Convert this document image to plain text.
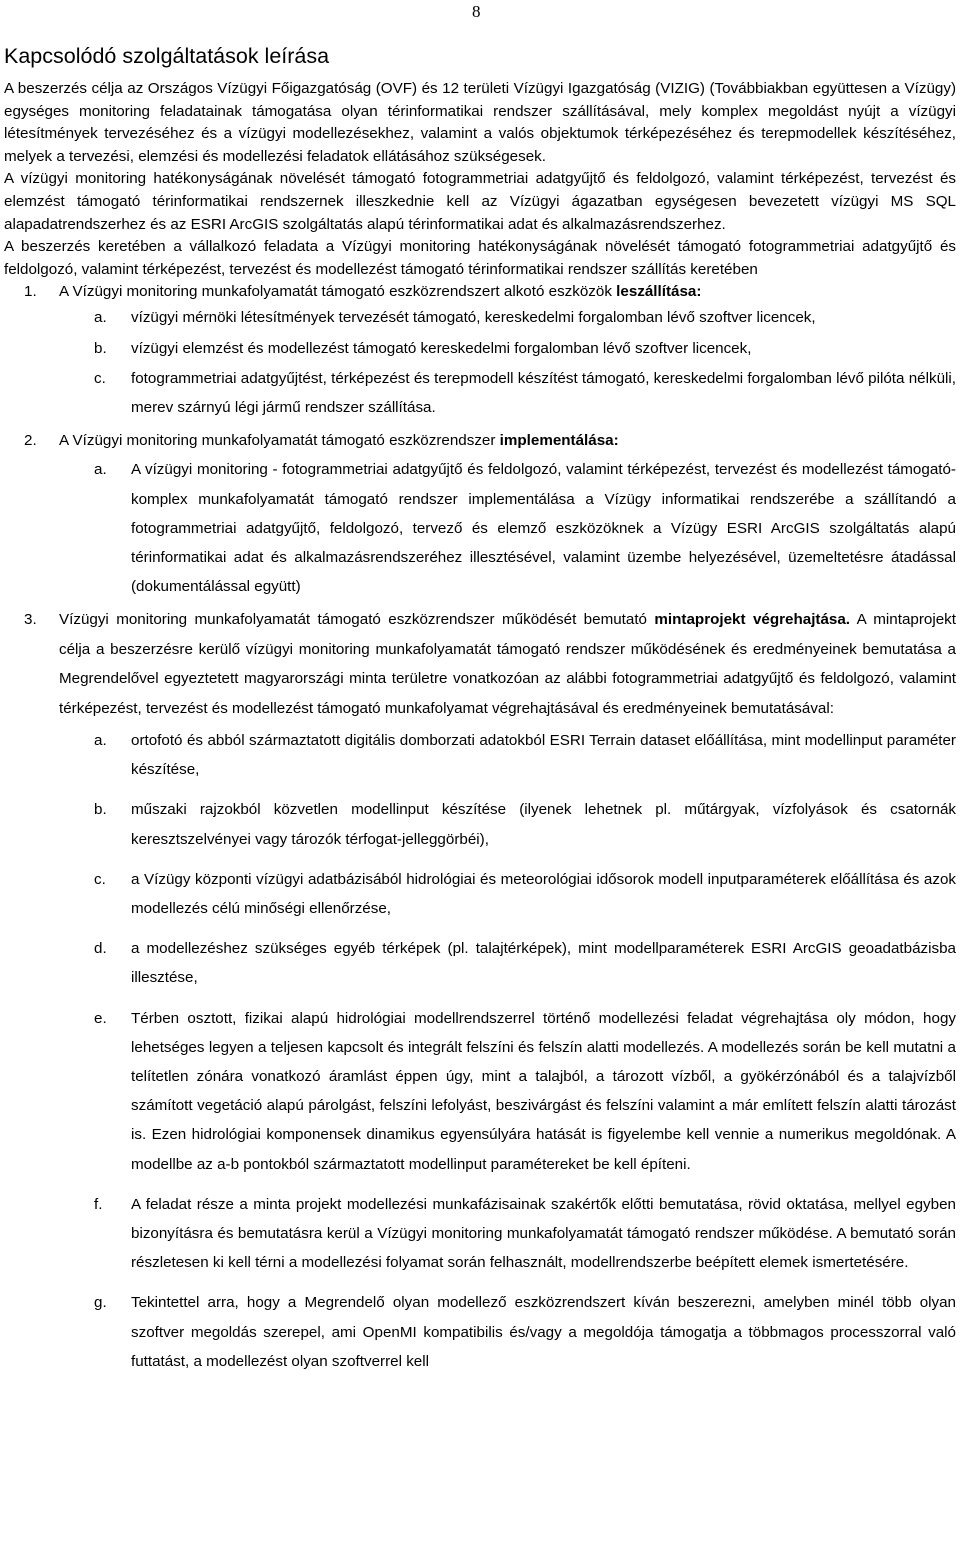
8
Kapcsolódó szolgáltatások leírása

A beszerzés célja az Országos Vízügyi Főigazgatóság (OVF) és 12 területi Vízügyi Igazgatóság (VIZIG) (Továbbiakban együttesen a Vízügy) egységes monitoring feladatainak támogatása olyan térinformatikai rendszer szállításával, mely komplex megoldást nyújt a vízügyi létesítmények tervezéséhez és a vízügyi modellezésekhez, valamint a valós objektumok térképezéséhez és terepmodellek készítéséhez, melyek a tervezési, elemzési és modellezési feladatok ellátásához szükségesek.

A vízügyi monitoring hatékonyságának növelését támogató fotogrammetriai adatgyűjtő és feldolgozó, valamint térképezést, tervezést és elemzést támogató térinformatikai rendszernek illeszkednie kell az Vízügyi ágazatban egységesen bevezetett vízügyi MS SQL alapadatrendszerhez és az ESRI ArcGIS szolgáltatás alapú térinformatikai adat és alkalmazásrendszerhez.

A beszerzés keretében a vállalkozó feladata a Vízügyi monitoring hatékonyságának növelését támogató fotogrammetriai adatgyűjtő és feldolgozó, valamint térképezést, tervezést és modellezést támogató térinformatikai rendszer szállítás keretében

1. A Vízügyi monitoring munkafolyamatát támogató eszközrendszert alkotó eszközök leszállítása:
a. vízügyi mérnöki létesítmények tervezését támogató, kereskedelmi forgalomban lévő szoftver licencek,
b. vízügyi elemzést és modellezést támogató kereskedelmi forgalomban lévő szoftver licencek,
c. fotogrammetriai adatgyűjtést, térképezést és terepmodell készítést támogató, kereskedelmi forgalomban lévő pilóta nélküli, merev szárnyú légi jármű rendszer szállítása.
2. A Vízügyi monitoring munkafolyamatát támogató eszközrendszer implementálása:
a. A vízügyi monitoring - fotogrammetriai adatgyűjtő és feldolgozó, valamint térképezést, tervezést és modellezést támogató- komplex munkafolyamatát támogató rendszer implementálása a Vízügy informatikai rendszerébe a szállítandó a fotogrammetriai adatgyűjtő, feldolgozó, tervező és elemző eszközöknek a Vízügy ESRI ArcGIS szolgáltatás alapú térinformatikai adat és alkalmazásrendszeréhez illesztésével, valamint üzembe helyezésével, üzemeltetésre átadással (dokumentálással együtt)
3. Vízügyi monitoring munkafolyamatát támogató eszközrendszer működését bemutató mintaprojekt végrehajtása. A mintaprojekt célja a beszerzésre kerülő vízügyi monitoring munkafolyamatát támogató rendszer működésének és eredményeinek bemutatása a Megrendelővel egyeztetett magyarországi minta területre vonatkozóan az alábbi fotogrammetriai adatgyűjtő és feldolgozó, valamint térképezést, tervezést és modellezést támogató munkafolyamat végrehajtásával és eredményeinek bemutatásával:
a. ortofotó és abból származtatott digitális domborzati adatokból ESRI Terrain dataset előállítása, mint modellinput paraméter készítése,
b. műszaki rajzokból közvetlen modellinput készítése (ilyenek lehetnek pl. műtárgyak, vízfolyások és csatornák keresztszelvényei vagy tározók térfogat-jelleggörbéi),
c. a Vízügy központi vízügyi adatbázisából hidrológiai és meteorológiai idősorok modell inputparaméterek előállítása és azok modellezés célú minőségi ellenőrzése,
d. a modellezéshez szükséges egyéb térképek (pl. talajtérképek), mint modellparaméterek ESRI ArcGIS geoadatbázisba illesztése,
e. Térben osztott, fizikai alapú hidrológiai modellrendszerrel történő modellezési feladat végrehajtása oly módon, hogy lehetséges legyen a teljesen kapcsolt és integrált felszíni és felszín alatti modellezés. A modellezés során be kell mutatni a telítetlen zónára vonatkozó áramlást éppen úgy, mint a talajból, a tározott vízből, a gyökérzónából és a talajvízből számított vegetáció alapú párolgást, felszíni lefolyást, beszivárgást és felszíni valamint a már említett felszín alatti tározást is. Ezen hidrológiai komponensek dinamikus egyensúlyára hatását is figyelembe kell vennie a numerikus megoldónak. A modellbe az a-b pontokból származtatott modellinput paramétereket be kell építeni.
f. A feladat része a minta projekt modellezési munkafázisainak szakértők előtti bemutatása, rövid oktatása, mellyel egyben bizonyításra és bemutatásra kerül a Vízügyi monitoring munkafolyamatát támogató rendszer működése. A bemutató során részletesen ki kell térni a modellezési folyamat során felhasznált, modellrendszerbe beépített elemek ismertetésére.
g. Tekintettel arra, hogy a Megrendelő olyan modellező eszközrendszert kíván beszerezni, amelyben minél több olyan szoftver megoldás szerepel, ami OpenMI kompatibilis és/vagy a megoldója támogatja a többmagos processzorral való futtatást, a modellezést olyan szoftverrel kell
